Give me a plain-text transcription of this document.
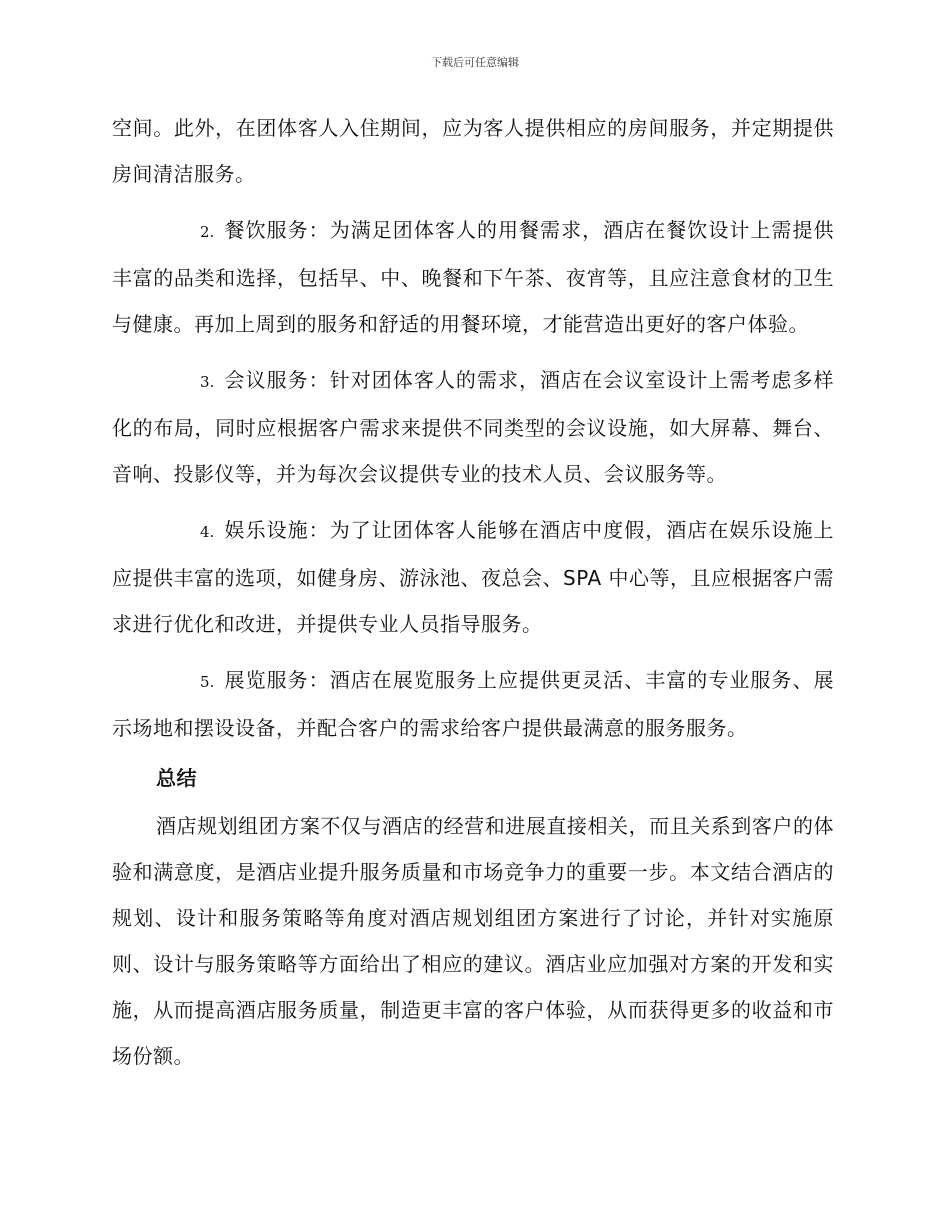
下载后可任意编辑

空间。此外，在团体客人入住期间，应为客人提供相应的房间服务，并定期提供房间清洁服务。

2. 餐饮服务：为满足团体客人的用餐需求，酒店在餐饮设计上需提供丰富的品类和选择，包括早、中、晚餐和下午茶、夜宵等，且应注意食材的卫生与健康。再加上周到的服务和舒适的用餐环境，才能营造出更好的客户体验。

3. 会议服务：针对团体客人的需求，酒店在会议室设计上需考虑多样化的布局，同时应根据客户需求来提供不同类型的会议设施，如大屏幕、舞台、音响、投影仪等，并为每次会议提供专业的技术人员、会议服务等。

4. 娱乐设施：为了让团体客人能够在酒店中度假，酒店在娱乐设施上应提供丰富的选项，如健身房、游泳池、夜总会、SPA 中心等，且应根据客户需求进行优化和改进，并提供专业人员指导服务。

5. 展览服务：酒店在展览服务上应提供更灵活、丰富的专业服务、展示场地和摆设设备，并配合客户的需求给客户提供最满意的服务服务。

总结

酒店规划组团方案不仅与酒店的经营和进展直接相关，而且关系到客户的体验和满意度，是酒店业提升服务质量和市场竞争力的重要一步。本文结合酒店的规划、设计和服务策略等角度对酒店规划组团方案进行了讨论，并针对实施原则、设计与服务策略等方面给出了相应的建议。酒店业应加强对方案的开发和实施，从而提高酒店服务质量，制造更丰富的客户体验，从而获得更多的收益和市场份额。
